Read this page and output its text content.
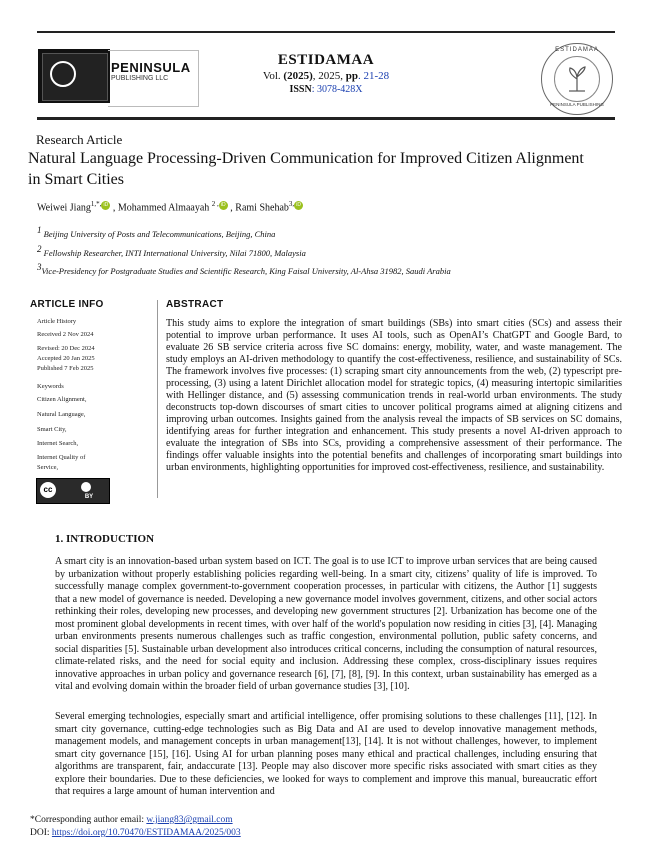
PENINSULA
PUBLISHING LLC
ESTIDAMAA
Vol. (2025), 2025, pp. 21-28
ISSN: 3078-428X
ESTIDAMAA
PENINSULA PUBLISHING
Research Article
Natural Language Processing-Driven Communication for Improved Citizen Alignment in Smart Cities
Weiwei Jiang$^{1,*,}$ iD , Mohammed Almaayah $^{2 ,}$ iD , Rami Shehab$^{3,}$ iD
$^1$ Beijing University of Posts and Telecommunications, Beijing, China
$^2$ Fellowship Researcher, INTI International University, Nilai 71800, Malaysia
$^3$Vice-Presidency for Postgraduate Studies and Scientific Research, King Faisal University, Al-Ahsa 31982, Saudi Arabia
ARTICLE INFO
Article History
Received 2 Nov 2024
Revised: 20 Dec 2024
Accepted 20 Jan 2025
Published 7 Feb 2025
Keywords
Citizen Alignment,
Natural Language,
Smart City,
Internet Search,
Internet Quality of
Service,
cc
BY
ABSTRACT
This study aims to explore the integration of smart buildings (SBs) into smart cities (SCs) and assess their potential to improve urban performance. It uses AI tools, such as OpenAI’s ChatGPT and Google Bard, to evaluate 26 SB service criteria across five SC domains: energy, mobility, water, and waste management. The study employs an AI-driven methodology to quantify the cost-effectiveness, resilience, and sustainability of SCs. The framework involves five processes: (1) scraping smart city announcements from the web, (2) typescript pre-processing, (3) using a latent Dirichlet allocation model for strategic topics, (4) measuring intertopic similarities with Hellinger distance, and (5) assessing communication trends in real-world urban environments. The study deconstructs top-down discourses of smart cities to uncover political programs aimed at aligning citizens and improving urban outcomes. Insights gained from the analysis reveal the impacts of SB services on SC domains, identifying areas for further integration and enhancement. This study presents a novel AI-driven approach to evaluate the integration of SBs into SCs, providing a comprehensive assessment of their performance. The findings offer valuable insights into the potential benefits and challenges of incorporating smart buildings into urban environments, highlighting opportunities for improved cost-effectiveness, resilience, and sustainability.
1. INTRODUCTION
A smart city is an innovation-based urban system based on ICT. The goal is to use ICT to improve urban services that are being caused by urbanization without properly establishing policies regarding well-being. In a smart city, citizens’ quality of life is improved. To successfully manage complex government-to-government cooperation processes, in particular with citizens, the Author [1] suggests that a new model of governance is needed. Developing a new governance model involves government, citizens, and other social actors rethinking their roles, developing new processes, and developing new government structures [2]. Urbanization has become one of the most prominent global developments in recent times, with over half of the world's population now residing in cities [3], [4]. Managing urban environments presents numerous challenges such as traffic congestion, environmental pollution, public safety concerns, and social disparities [5]. Sustainable urban development also introduces critical concerns, including the consumption of natural resources, climate-related risks, and the need for social equity and inclusion. Addressing these complex, cross-disciplinary issues requires innovative approaches in urban policy and governance research [6], [7], [8], [9]. In this context, urban sustainability has emerged as a vital and evolving domain within the broader field of urban governance studies [3], [10].
Several emerging technologies, especially smart and artificial intelligence, offer promising solutions to these challenges [11], [12]. In smart city governance, cutting-edge technologies such as Big Data and AI are used to develop innovative management methods, management models, and management concepts in urban management[13], [14]. It is not without challenges, however, to implement smart city governance [15], [16]. Using AI for urban planning poses many ethical and practical challenges, including ensuring that algorithms are transparent, fair, andaccurate [13]. People may also discover more specific risks associated with smart cities as they explore their boundaries. Due to these deficiencies, we looked for ways to complement and improve this manual, bureaucratic effort that requires a large amount of human intervention and
*Corresponding author email: w.jiang83@gmail.com
DOI: https://doi.org/10.70470/ESTIDAMAA/2025/003
